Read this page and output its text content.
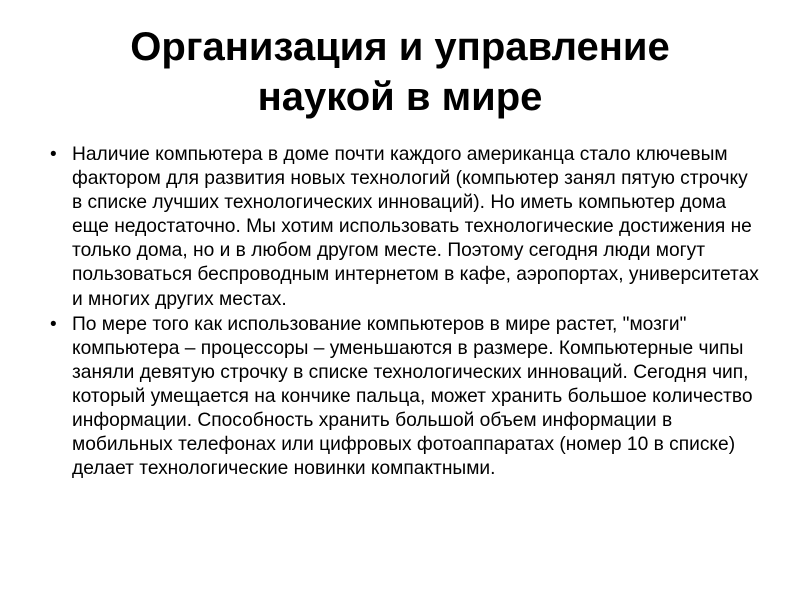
Организация и управление
наукой в мире
• Наличие компьютера в доме почти каждого американца стало ключевым фактором для развития новых технологий (компьютер занял пятую строчку в списке лучших технологических инноваций). Но иметь компьютер дома еще недостаточно. Мы хотим использовать технологические достижения не только дома, но и в любом другом месте. Поэтому сегодня люди могут пользоваться беспроводным интернетом в кафе, аэропортах, университетах и многих других местах.
• По мере того как использование компьютеров в мире растет, "мозги" компьютера – процессоры – уменьшаются в размере. Компьютерные чипы заняли девятую строчку в списке технологических инноваций. Сегодня чип, который умещается на кончике пальца, может хранить большое количество информации. Способность хранить большой объем информации в мобильных телефонах или цифровых фотоаппаратах (номер 10 в списке) делает технологические новинки компактными.
